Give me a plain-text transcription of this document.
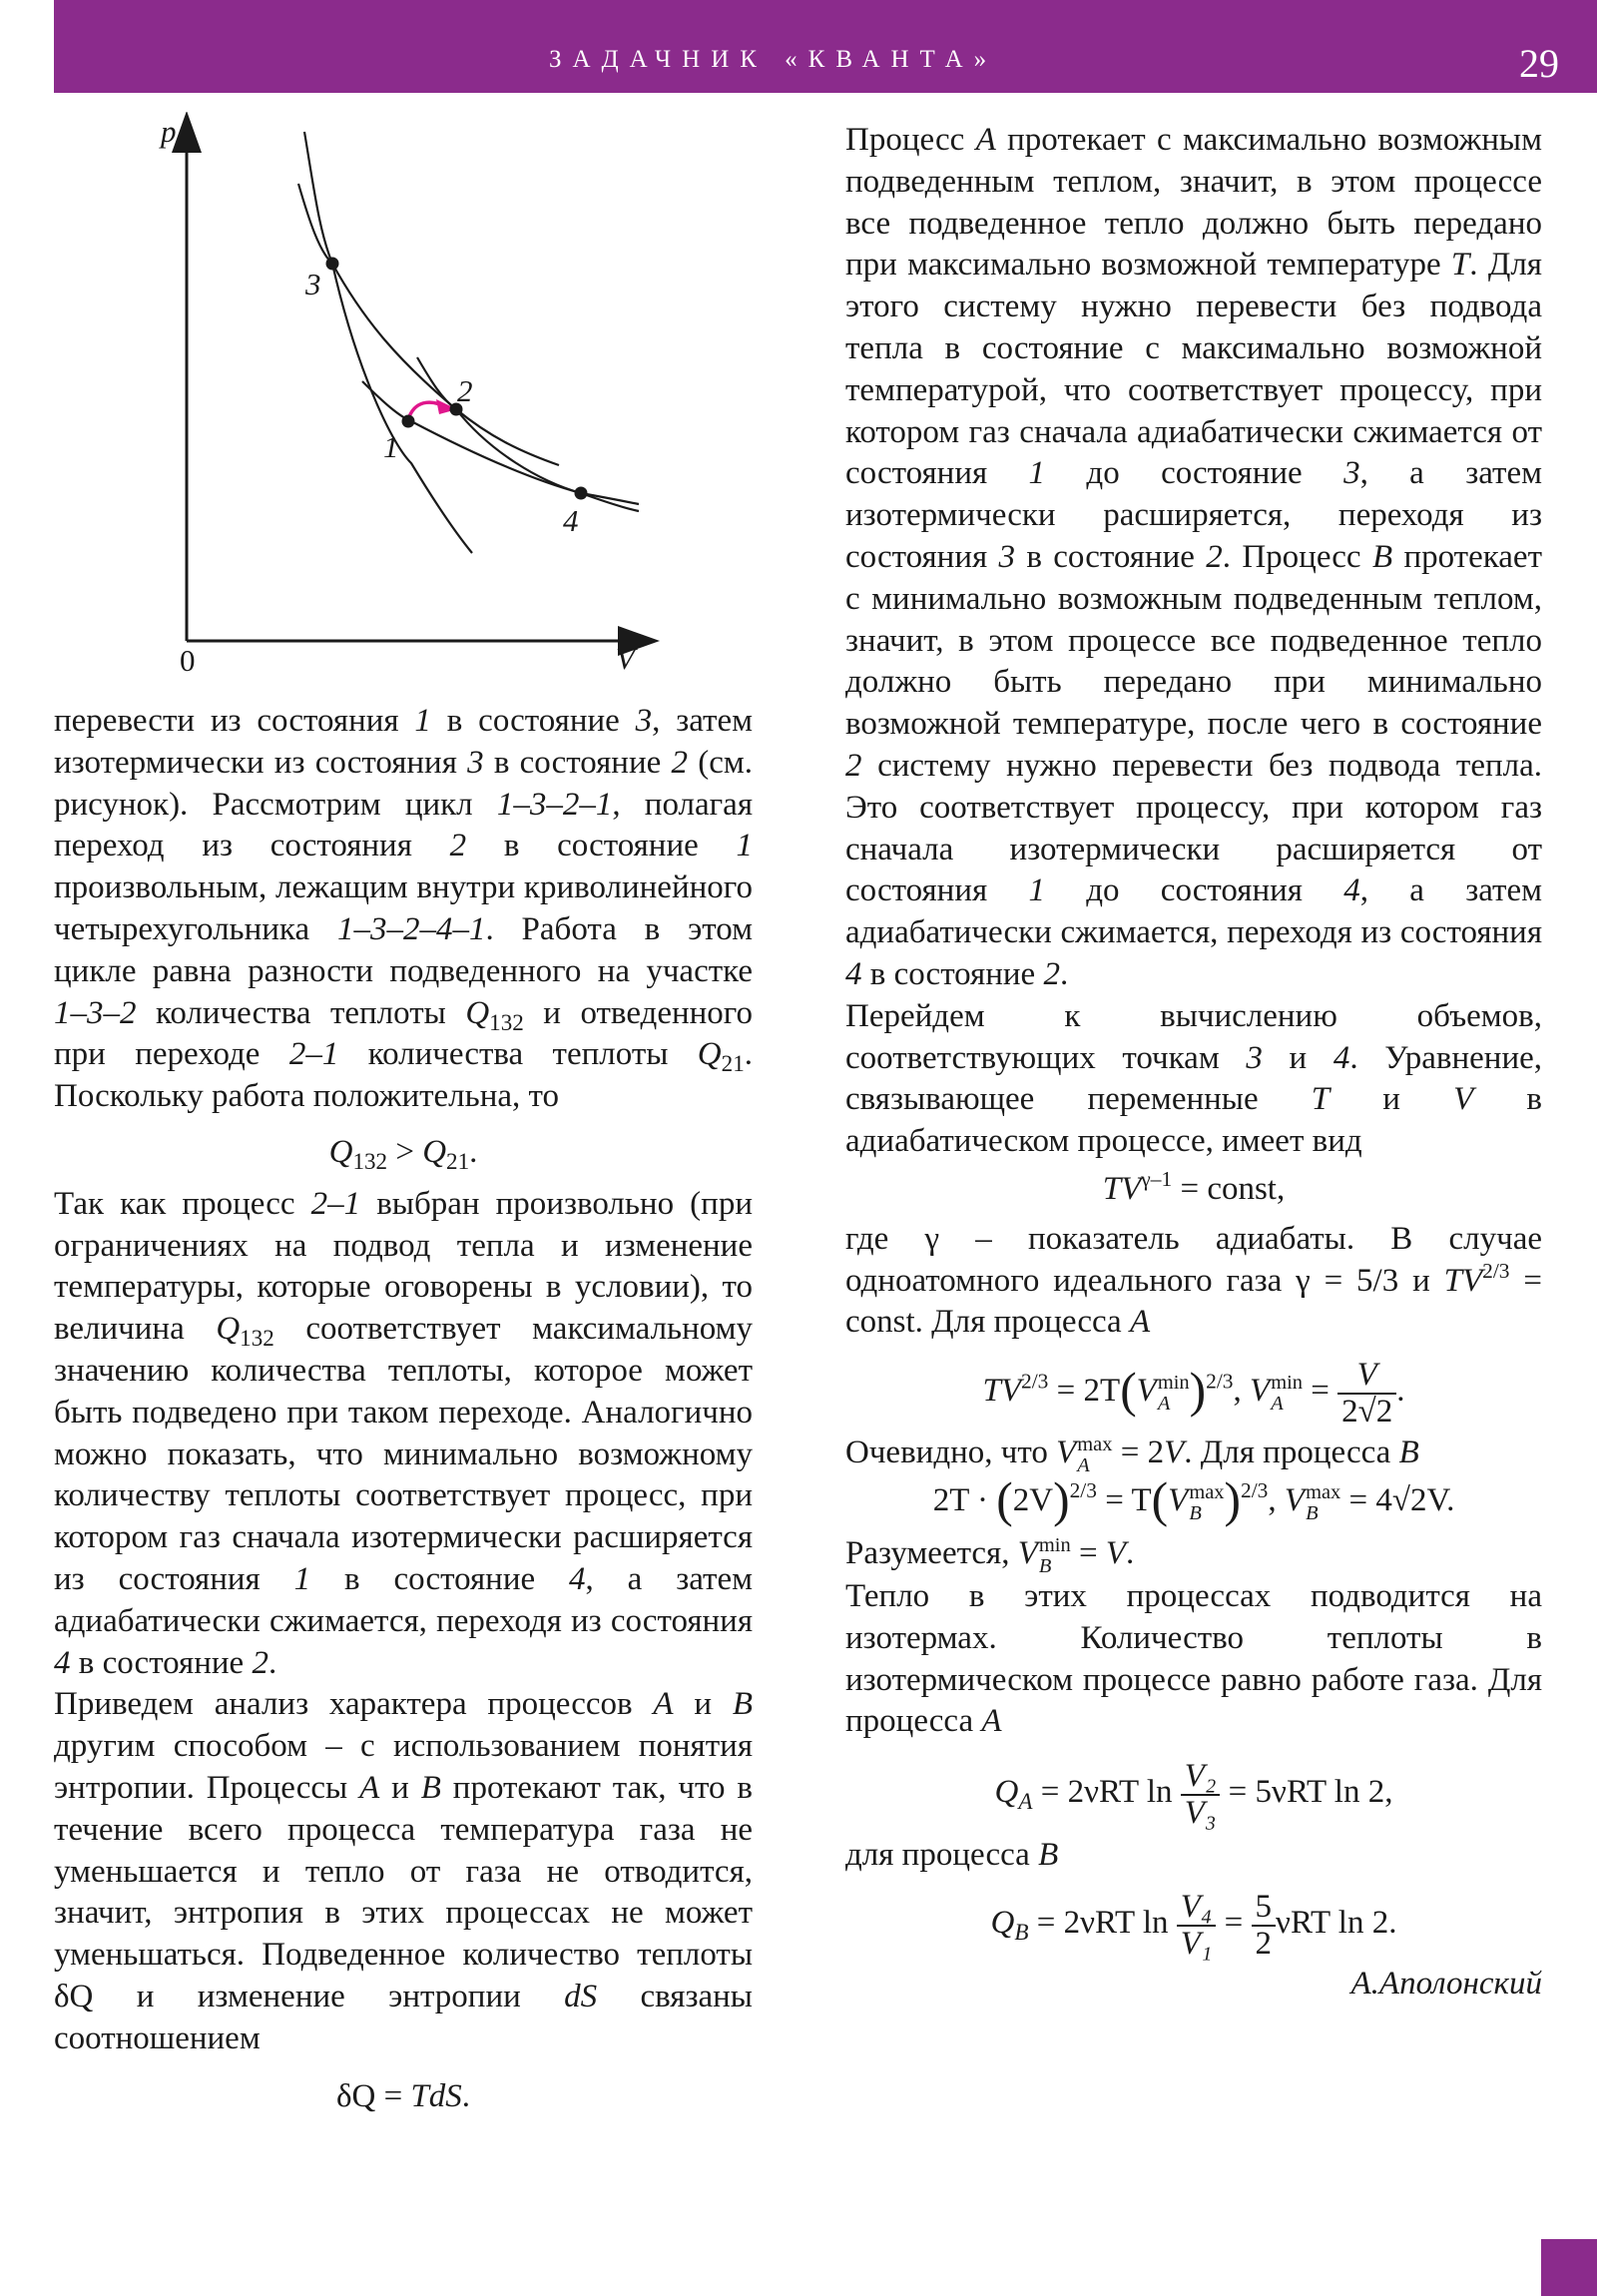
ЗАДАЧНИК «КВАНТА»	29
p
V
0
1
2
3
4

перевести из состояния 1 в состояние 3, затем изотермически из состояния 3 в состояние 2 (см. рисунок). Рассмотрим цикл 1–3–2–1, полагая переход из состояния 2 в состояние 1 произвольным, лежащим внутри криволинейного четырехугольника 1–3–2–4–1. Работа в этом цикле равна разности подведенного на участке 1–3–2 количества теплоты $Q_{132}$ и отведенного при переходе 2–1 количества теплоты $Q_{21}$. Поскольку работа положительна, то

$Q_{132} > Q_{21}$.

Так как процесс 2–1 выбран произвольно (при ограничениях на подвод тепла и изменение температуры, которые оговорены в условии), то величина $Q_{132}$ соответствует максимальному значению количества теплоты, которое может быть подведено при таком переходе. Аналогично можно показать, что минимально возможному количеству теплоты соответствует процесс, при котором газ сначала изотермически расширяется из состояния 1 в состояние 4, а затем адиабатически сжимается, переходя из состояния 4 в состояние 2.

Приведем анализ характера процессов A и B другим способом – с использованием понятия энтропии. Процессы A и B протекают так, что в течение всего процесса температура газа не уменьшается и тепло от газа не отводится, значит, энтропия в этих процессах не может уменьшаться. Подведенное количество теплоты δQ и изменение энтропии dS связаны соотношением

δQ = TdS.

Процесс A протекает с максимально возможным подведенным теплом, значит, в этом процессе все подведенное тепло должно быть передано при максимально возможной температуре T. Для этого систему нужно перевести без подвода тепла в состояние с максимально возможной температурой, что соответствует процессу, при котором газ сначала адиабатически сжимается от состояния 1 до состояние 3, а затем изотермически расширяется, переходя из состояния 3 в состояние 2. Процесс B протекает с минимально возможным подведенным теплом, значит, в этом процессе все подведенное тепло должно быть передано при минимально возможной температуре, после чего в состояние 2 систему нужно перевести без подвода тепла. Это соответствует процессу, при котором газ сначала изотермически расширяется от состояния 1 до состояния 4, а затем адиабатически сжимается, переходя из состояния 4 в состояние 2.

Перейдем к вычислению объемов, соответствующих точкам 3 и 4. Уравнение, связывающее переменные T и V в адиабатическом процессе, имеет вид

$TV^{\gamma-1}$ = const,

где γ – показатель адиабаты. В случае одноатомного идеального газа γ = 5/3 и $TV^{2/3}$ = const. Для процесса A

$TV^{2/3} = 2T(V$ min
A )$^{2/3}$, V min
$A = \frac{V}{2√2}$ .

Очевидно, что V max
A = 2V. Для процесса B

$2T \cdot (2V)^{2/3} = T(V$ max
B )$^{2/3}$, V max
B = 4√2V.

Разумеется, V min
B = V.

Тепло в этих процессах подводится на изотермах. Количество теплоты в изотермическом процессе равно работе газа. Для процесса A

$Q_A = 2\nu RT$ $\ln \frac{\text{V₂}}{\text{V₃}} = 5\nu RT$ ln 2,

для процесса B

$Q_B = 2\nu RT$ $\ln \frac{\text{V₄}}{\text{V₁}} = \frac{5}{2}$ νRT ln 2.

А.Аполонский
